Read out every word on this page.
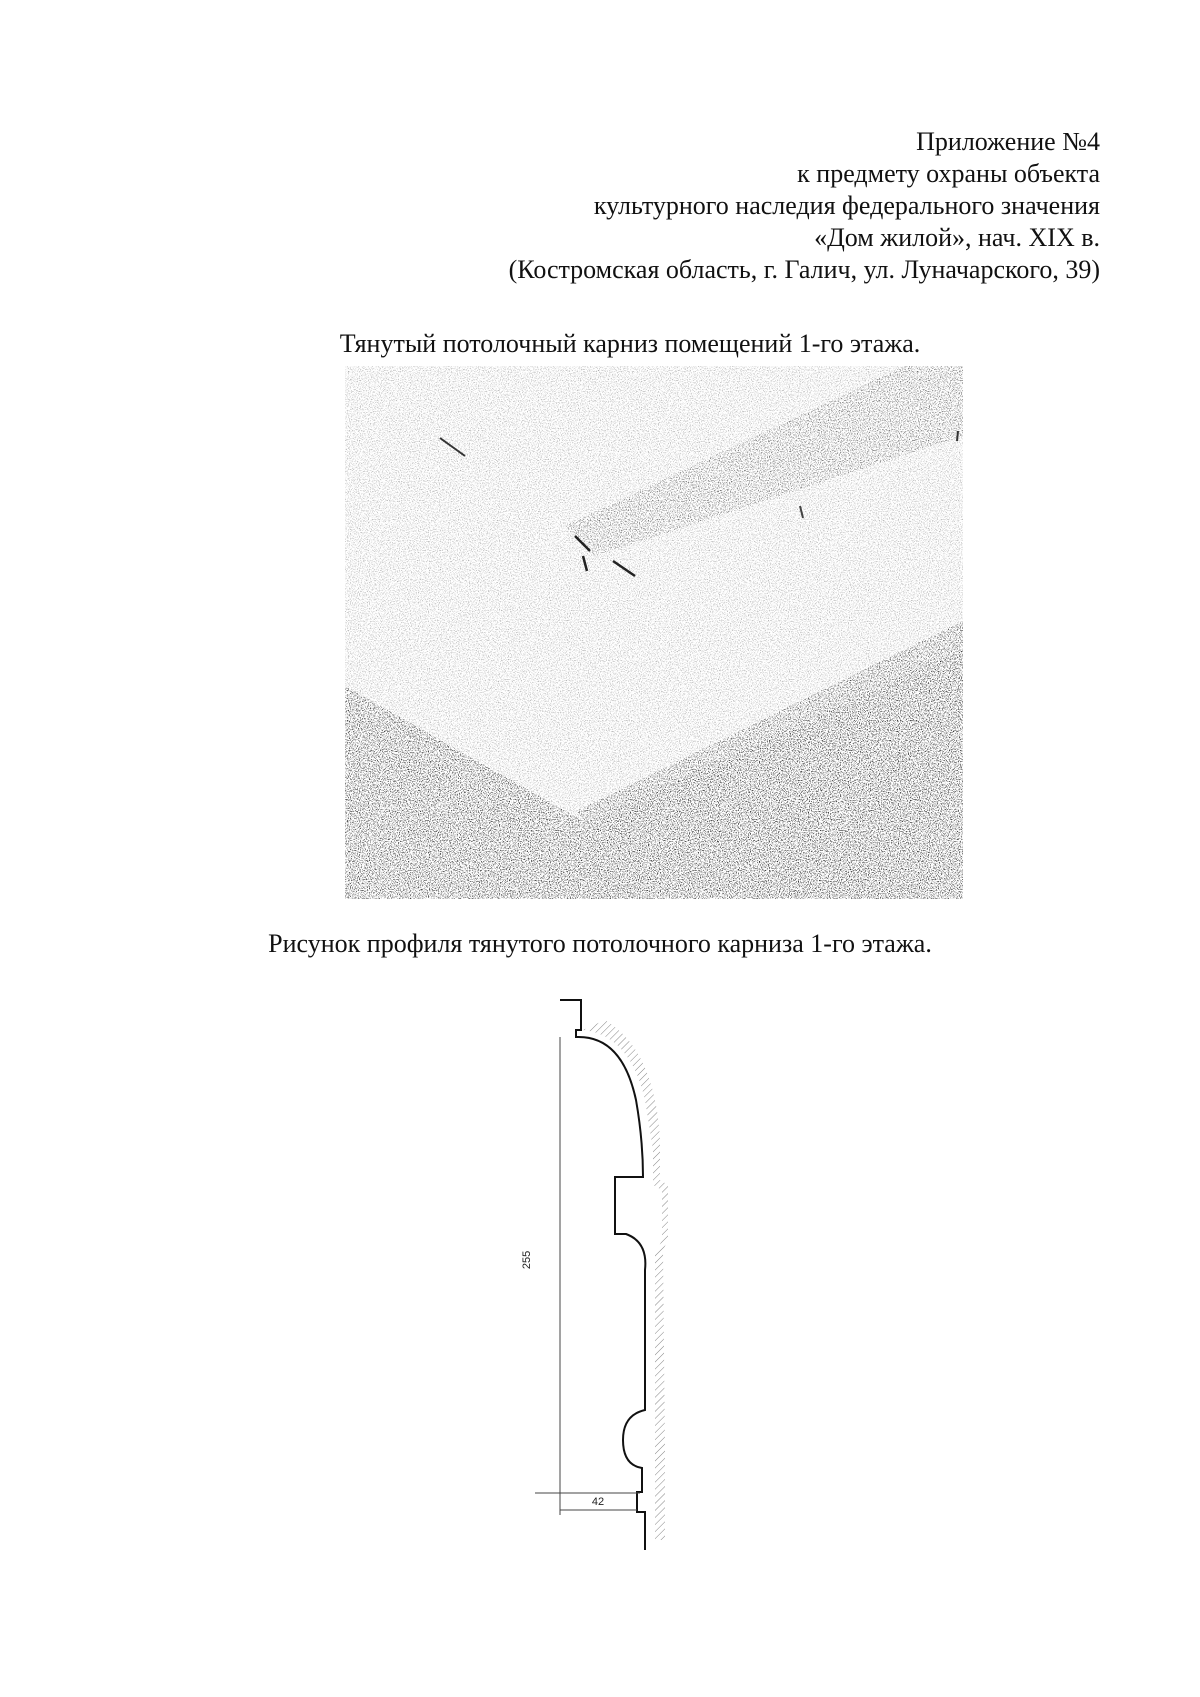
Приложение №4
к предмету охраны объекта
культурного наследия федерального значения
«Дом жилой», нач. XIX в.
(Костромская область, г. Галич, ул. Луначарского, 39)
Тянутый потолочный карниз помещений 1-го этажа.
Рисунок профиля тянутого потолочного карниза 1-го этажа.
255
42
